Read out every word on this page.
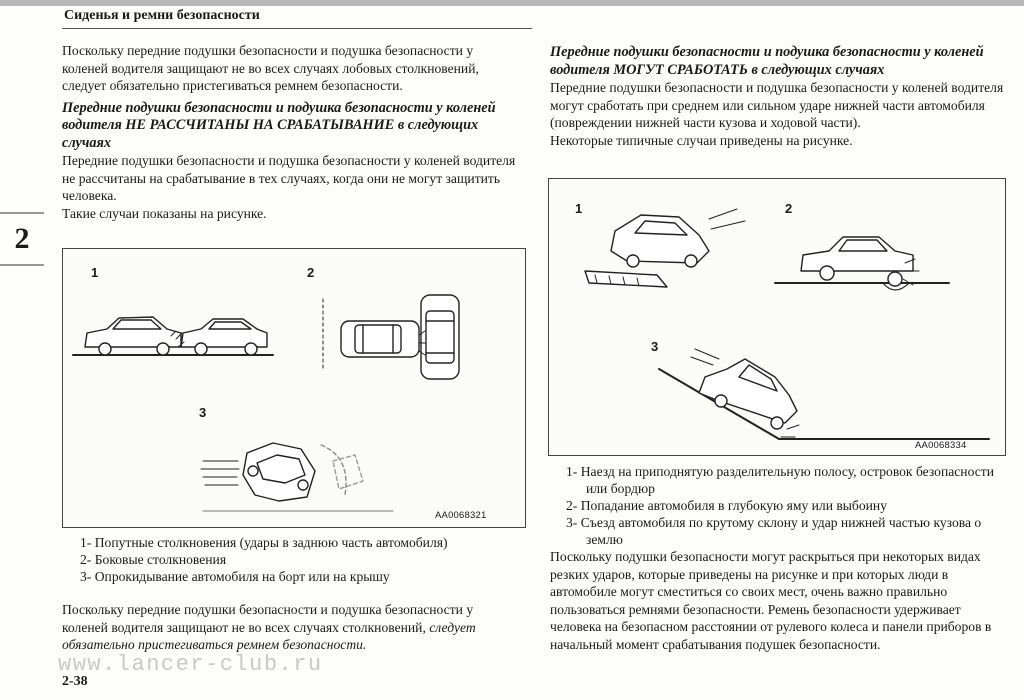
Сиденья и ремни безопасности
2

Поскольку передние подушки безопасности и подушка безопасности у коленей водителя защищают не во всех случаях лобовых столкновений, следует обязательно пристегиваться ремнем безопасности.

Передние подушки безопасности и подушка безопасности у коленей водителя НЕ РАССЧИТАНЫ НА СРАБАТЫВАНИЕ в следующих случаях

Передние подушки безопасности и подушка безопасности у коленей водителя не рассчитаны на срабатывание в тех случаях, когда они не могут защитить человека.

Такие случаи показаны на рисунке.

1	2
3
AA0068321
1- Попутные столкновения (удары в заднюю часть автомобиля)
2- Боковые столкновения
3- Опрокидывание автомобиля на борт или на крышу
Поскольку передние подушки безопасности и подушка безопасности у коленей водителя защищают не во всех случаях столкновений, следует обязательно пристегиваться ремнем безопасности.

Передние подушки безопасности и подушка безопасности у коленей водителя МОГУТ СРАБОТАТЬ в следующих случаях

Передние подушки безопасности и подушка безопасности у коленей водителя могут сработать при среднем или сильном ударе нижней части автомобиля (повреждении нижней части кузова и ходовой части).

Некоторые типичные случаи приведены на рисунке.

1	2
3
AA0068334
1- Наезд на приподнятую разделительную полосу, островок безопасности или бордюр
2- Попадание автомобиля в глубокую яму или выбоину
3- Съезд автомобиля по крутому склону и удар нижней частью кузова о землю
Поскольку подушки безопасности могут раскрыться при некоторых видах резких ударов, которые приведены на рисунке и при которых люди в автомобиле могут сместиться со своих мест, очень важно правильно пользоваться ремнями безопасности. Ремень безопасности удерживает человека на безопасном расстоянии от рулевого колеса и панели приборов в начальный момент срабатывания подушек безопасности.
www.lancer-club.ru
2-38
